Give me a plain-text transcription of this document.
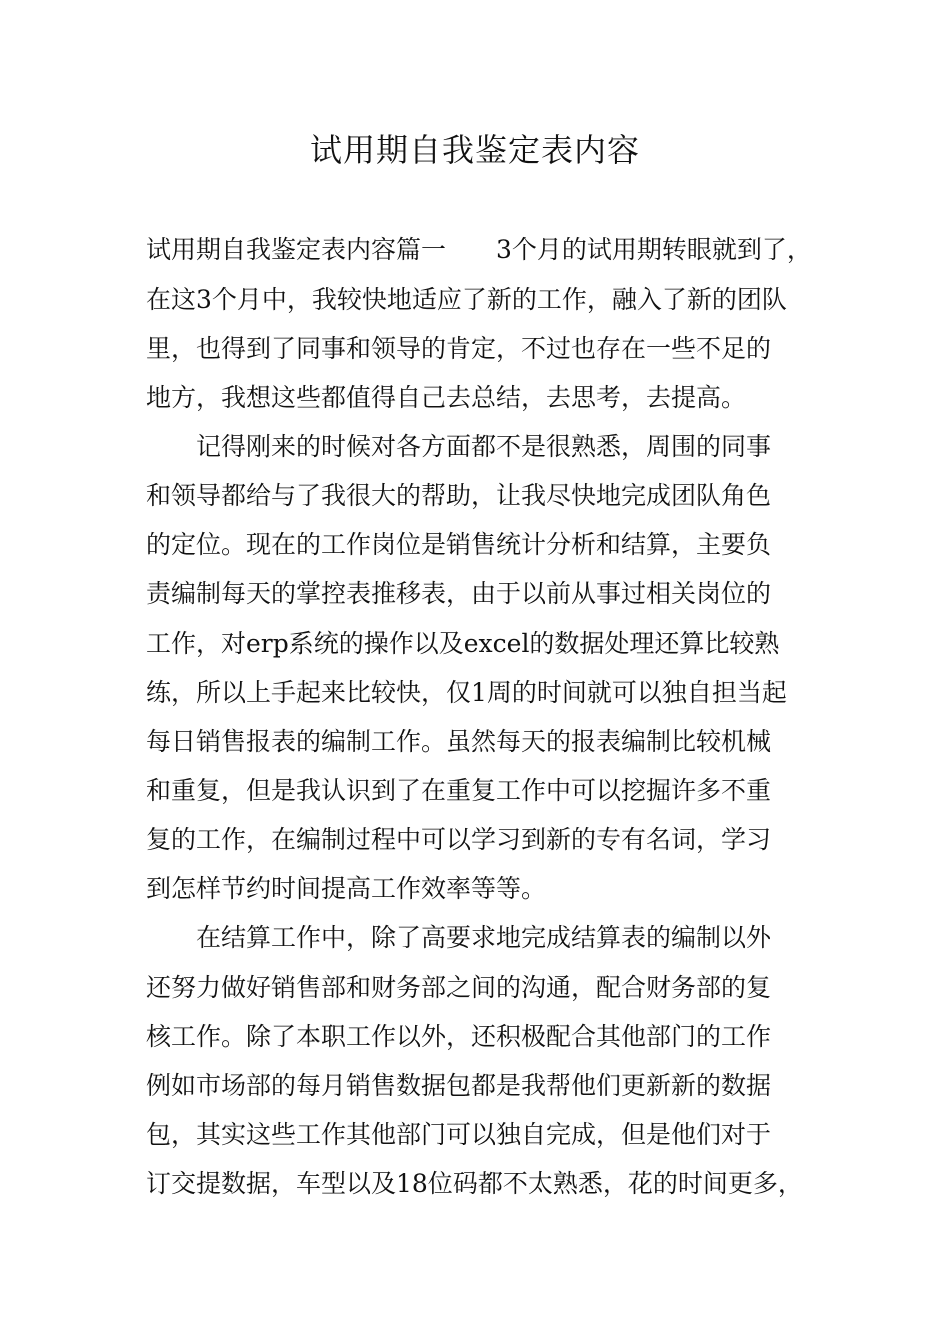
试用期自我鉴定表内容
试用期自我鉴定表内容篇一　　3个月的试用期转眼就到了，
在这3个月中，我较快地适应了新的工作，融入了新的团队
里，也得到了同事和领导的肯定，不过也存在一些不足的
地方，我想这些都值得自己去总结，去思考，去提高。
　　记得刚来的时候对各方面都不是很熟悉，周围的同事
和领导都给与了我很大的帮助，让我尽快地完成团队角色
的定位。现在的工作岗位是销售统计分析和结算，主要负
责编制每天的掌控表推移表，由于以前从事过相关岗位的
工作，对erp系统的操作以及excel的数据处理还算比较熟
练，所以上手起来比较快，仅1周的时间就可以独自担当起
每日销售报表的编制工作。虽然每天的报表编制比较机械
和重复，但是我认识到了在重复工作中可以挖掘许多不重
复的工作，在编制过程中可以学习到新的专有名词，学习
到怎样节约时间提高工作效率等等。
　　在结算工作中，除了高要求地完成结算表的编制以外
还努力做好销售部和财务部之间的沟通，配合财务部的复
核工作。除了本职工作以外，还积极配合其他部门的工作
例如市场部的每月销售数据包都是我帮他们更新新的数据
包，其实这些工作其他部门可以独自完成，但是他们对于
订交提数据，车型以及18位码都不太熟悉，花的时间更多，
